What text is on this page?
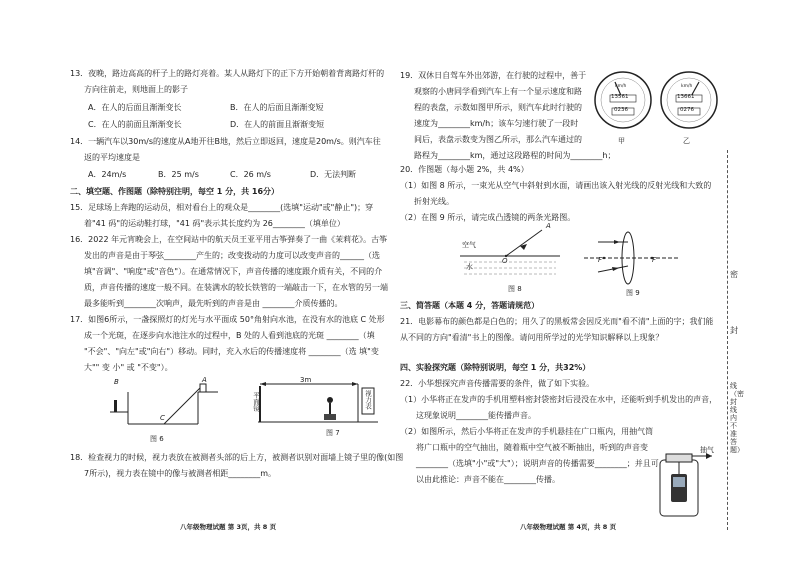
13．夜晚，路边高高的杆子上的路灯亮着。某人从路灯下的正下方开始朝着背离路灯杆的
方向往前走，则地面上的影子
A．在人的后面且渐渐变长	B．在人的后面且渐渐变短
C．在人的前面且渐渐变长	D．在人的前面且渐渐变短
14．一辆汽车以30m/s的速度从A地开往B地，然后立即返回，速度是20m/s。则汽车往
返的平均速度是
A．24m/s	B．25 m/s	C．26 m/s	D．无法判断
二、填空题、作图题（除特别注明，每空 1 分，共 16分）
15．足球场上奔跑的运动员，相对看台上的观众是________(选填"运动"或"静止")；穿
着"41 码"的运动鞋打球，"41 码"表示其长度约为 26________（填单位）
16．2022 年元宵晚会上，在空间站中的航天员王亚平用古筝弹奏了一曲《茉莉花》。古筝
发出的声音是由于琴弦________产生的；改变拨动的力度可以改变声音的______（选
填"音调"、"响度"或"音色"）。在通常情况下，声音传播的速度跟介质有关，不同的介
质，声音传播的速度一般不同。在装满水的较长铁管的一端敲击一下，在水管的另一端
最多能听到________次响声，最先听到的声音是由 ________介质传播的。
17．如图6所示，一盏探照灯的灯光与水平面成 50°角射向水池，在没有水的池底 C 处形
成一个光斑，在逐步向水池注水的过程中，B 处的人看到池底的光斑 ________（填
"不会"、"向左"或"向右"）移动。同时，充入水后的传播速度将 ________（选 填"变
大"" 变 小" 或 "不变"）。
18．检查视力的时候，视力表放在被测者头部的后上方，被测者识别对面墙上镜子里的像(如图
7所示)，视力表在镜中的像与被测者相距________m。
B	A
C
图 6
3m
平面镜	视力表
图 7
八年级物理试题 第 3页，共 8 页
19．双休日自驾车外出郊游，在行驶的过程中，善于
观察的小唐同学看到汽车上有一个显示速度和路
程的表盘，示数如图甲所示，则汽车此时行驶的
速度为________km/h；该车匀速行驶了一段时
间后，表盘示数变为图乙所示，那么汽车通过的
路程为________km，通过这段路程的时间为________h；
20．作图题（每小题 2%，共 4%）
（1）如图 8 所示，一束光从空气中斜射到水面，请画出该入射光线的反射光线和大致的
折射光线。
（2）在图 9 所示，请完成凸透镜的两条光路图。
三、简答题（本题 4 分，答题请规范）
21．电影幕布的颜色都是白色的；用久了的黑板常会因反光而"看不清"上面的字；我们能
从不同的方向"看清"书上的图像。请问用所学过的光学知识解释以上现象？
四、实验探究题（除特别说明，每空 1 分，共32%）
22．小华想探究声音传播需要的条件，做了如下实验。
（1）小华将正在发声的手机用塑料密封袋密封后浸没在水中，还能听到手机发出的声音，
这现象说明________能传播声音。
（2）如图所示，然后小华将正在发声的手机悬挂在广口瓶内，用抽气筒
将广口瓶中的空气抽出，随着瓶中空气被不断抽出，听到的声音变
________（选填"小"或"大"）；说明声音的传播需要________；并且可
以由此推论：声音不能在________传播。
13561
0236
km/h
甲
13661
0276
km/h
乙
空气
水
A
O
图 8
F	F
图 9
抽气
八年级物理试题 第 4页，共 8 页
密
封
线（密封线内不准答题）
